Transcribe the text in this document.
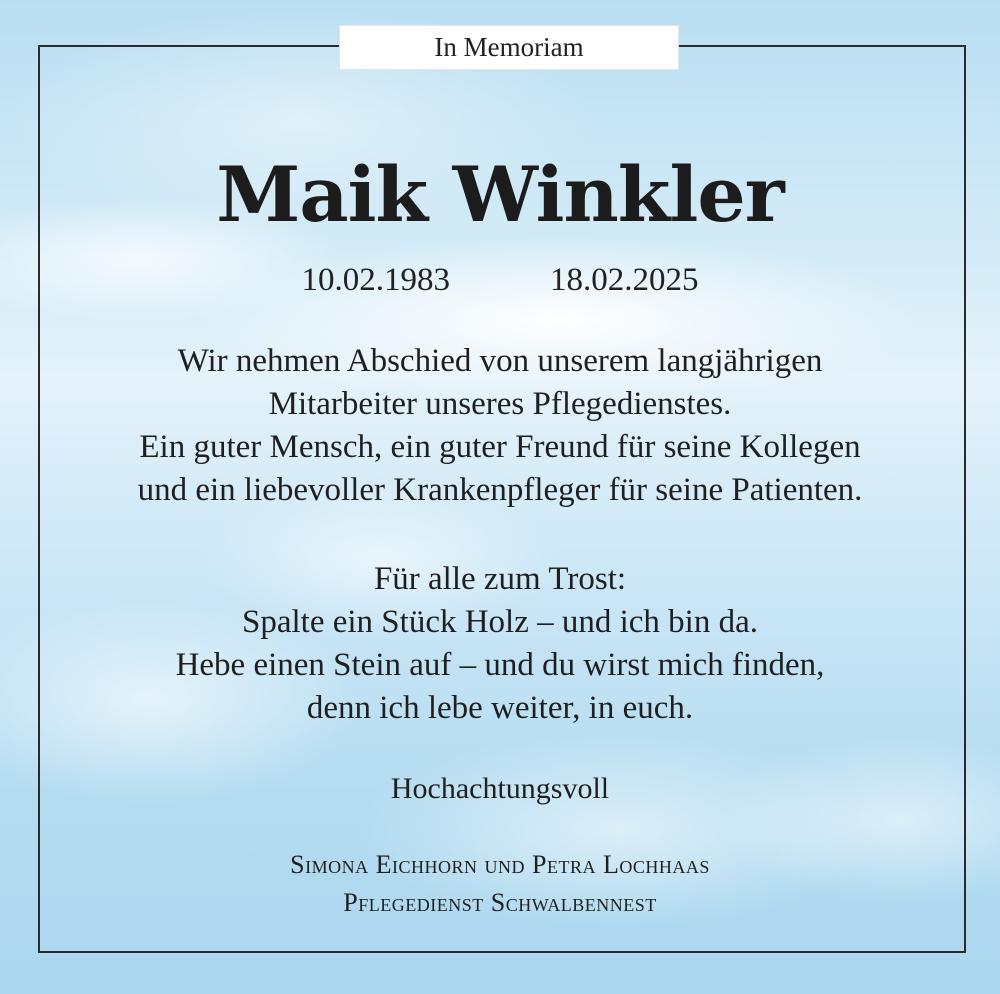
In Memoriam
Maik Winkler
10.02.1983	18.02.2025
Wir nehmen Abschied von unserem langjährigen
Mitarbeiter unseres Pflegedienstes.
Ein guter Mensch, ein guter Freund für seine Kollegen
und ein liebevoller Krankenpfleger für seine Patienten.
Für alle zum Trost:
Spalte ein Stück Holz – und ich bin da.
Hebe einen Stein auf – und du wirst mich finden,
denn ich lebe weiter, in euch.
Hochachtungsvoll
Simona Eichhorn und Petra Lochhaas
Pflegedienst Schwalbennest
